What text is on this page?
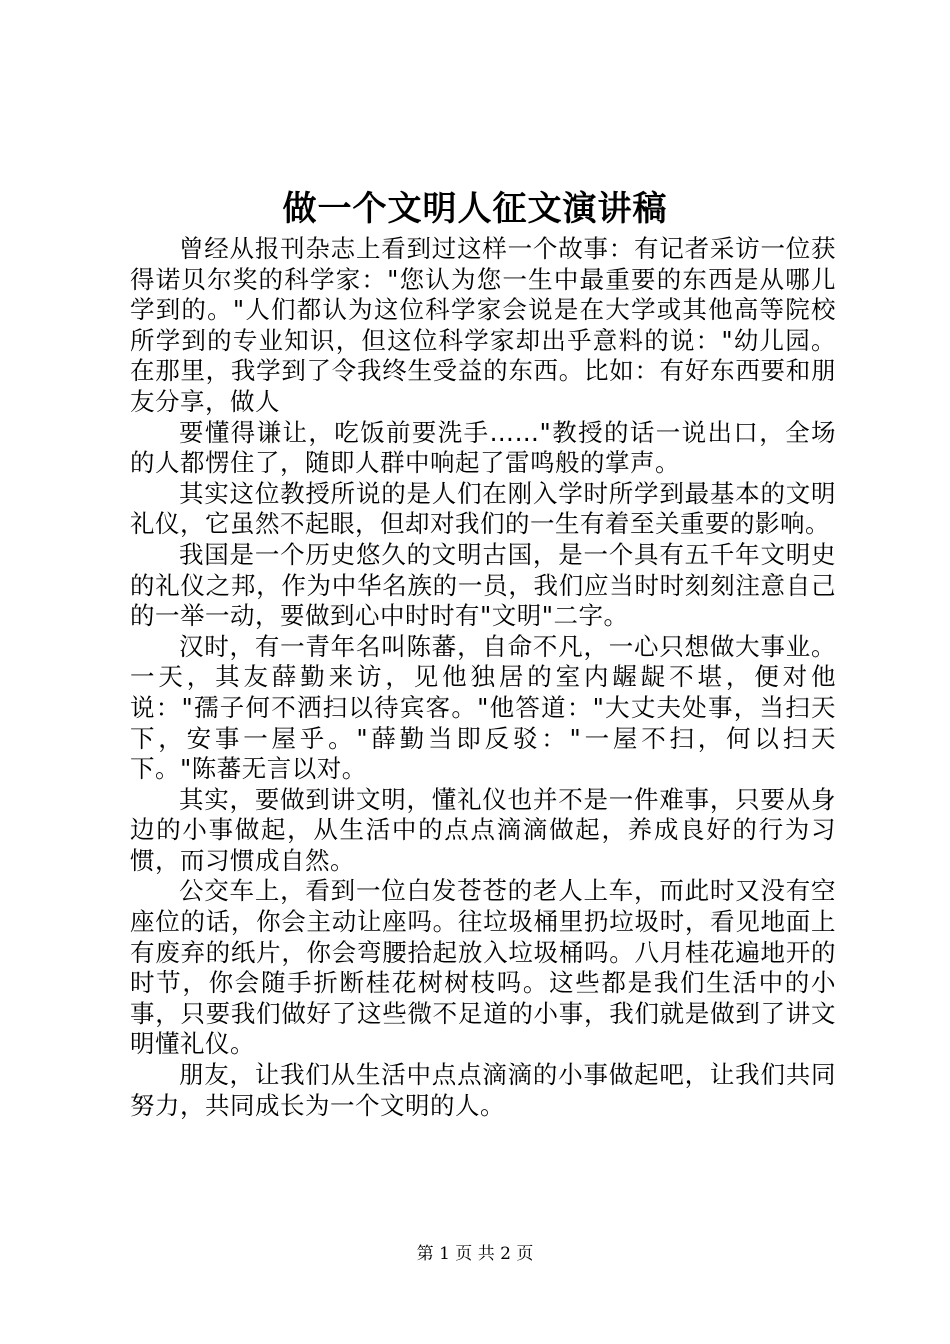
做一个文明人征文演讲稿

曾经从报刊杂志上看到过这样一个故事：有记者采访一位获得诺贝尔奖的科学家："您认为您一生中最重要的东西是从哪儿学到的。"人们都认为这位科学家会说是在大学或其他高等院校所学到的专业知识，但这位科学家却出乎意料的说："幼儿园。在那里，我学到了令我终生受益的东西。比如：有好东西要和朋友分享，做人

要懂得谦让，吃饭前要洗手……"教授的话一说出口，全场的人都愣住了，随即人群中响起了雷鸣般的掌声。

其实这位教授所说的是人们在刚入学时所学到最基本的文明礼仪，它虽然不起眼，但却对我们的一生有着至关重要的影响。

我国是一个历史悠久的文明古国，是一个具有五千年文明史的礼仪之邦，作为中华名族的一员，我们应当时时刻刻注意自己的一举一动，要做到心中时时有"文明"二字。

汉时，有一青年名叫陈蕃，自命不凡，一心只想做大事业。一天，其友薛勤来访，见他独居的室内龌龊不堪，便对他说："孺子何不洒扫以待宾客。"他答道："大丈夫处事，当扫天下，安事一屋乎。"薛勤当即反驳："一屋不扫，何以扫天下。"陈蕃无言以对。

其实，要做到讲文明，懂礼仪也并不是一件难事，只要从身边的小事做起，从生活中的点点滴滴做起，养成良好的行为习惯，而习惯成自然。

公交车上，看到一位白发苍苍的老人上车，而此时又没有空座位的话，你会主动让座吗。往垃圾桶里扔垃圾时，看见地面上有废弃的纸片，你会弯腰拾起放入垃圾桶吗。八月桂花遍地开的时节，你会随手折断桂花树树枝吗。这些都是我们生活中的小事，只要我们做好了这些微不足道的小事，我们就是做到了讲文明懂礼仪。

朋友，让我们从生活中点点滴滴的小事做起吧，让我们共同努力，共同成长为一个文明的人。

第 1 页 共 2 页
